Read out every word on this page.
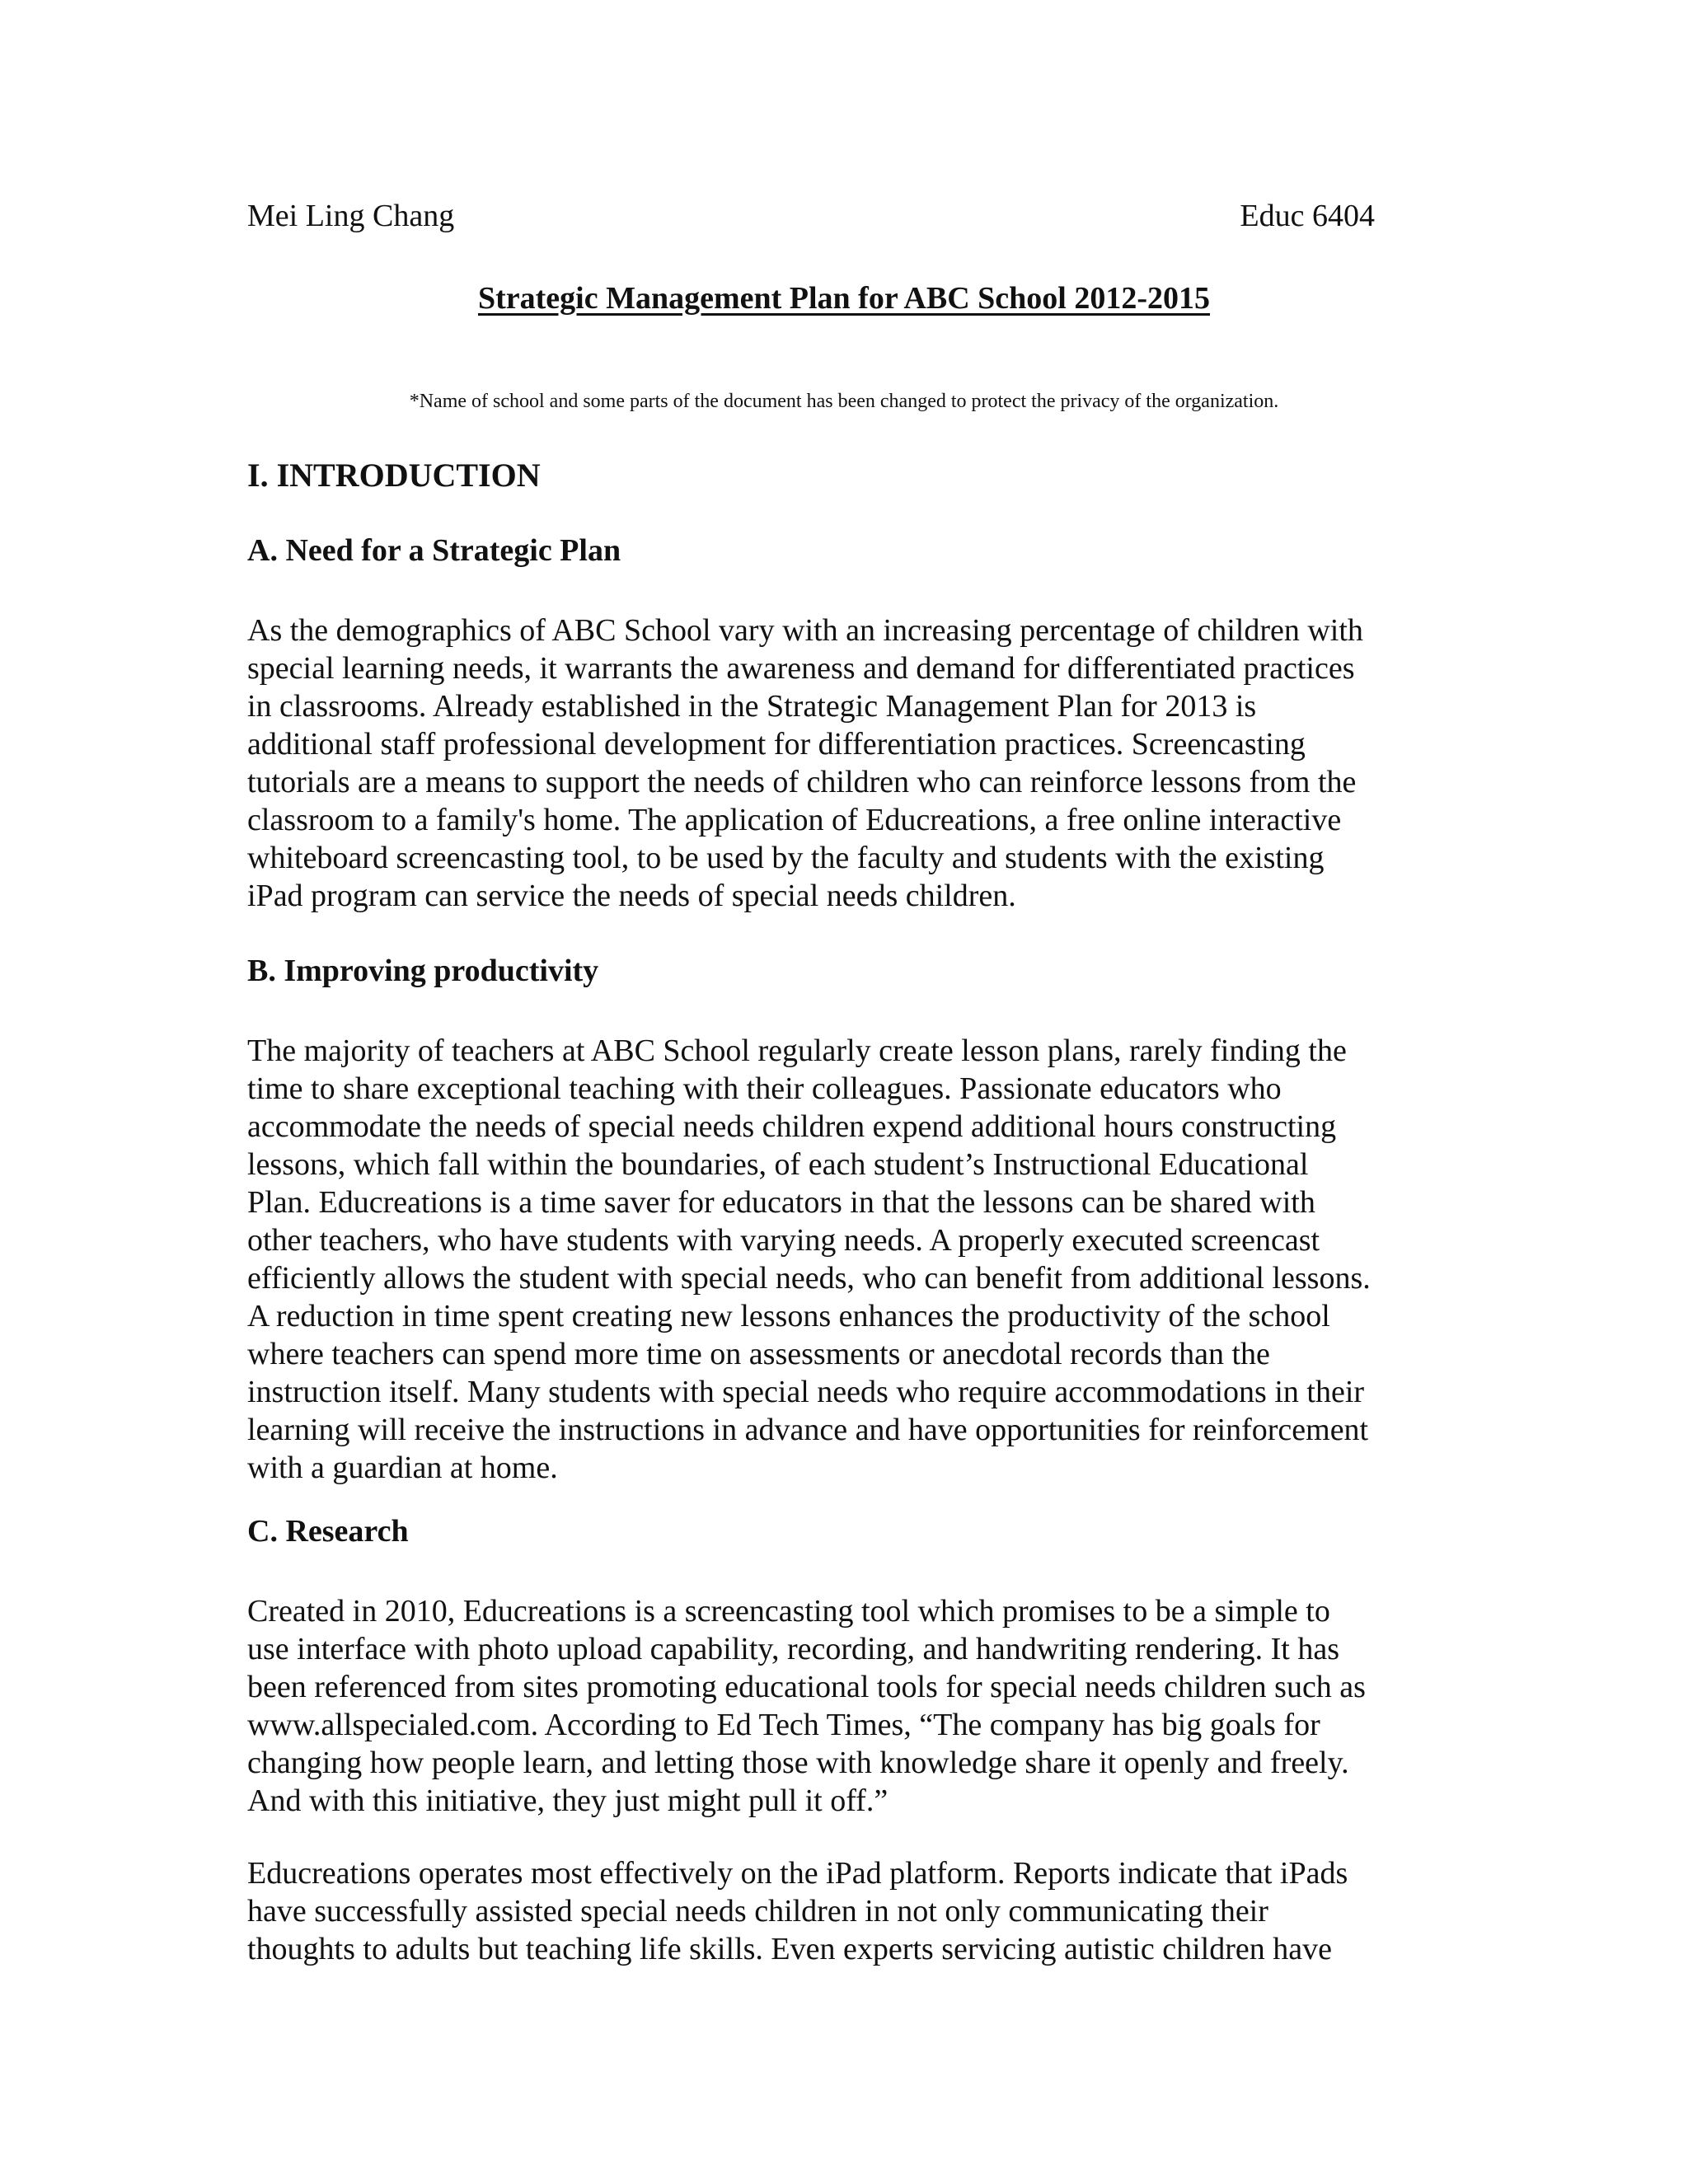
Mei Ling Chang	Educ 6404
Strategic Management Plan for ABC School 2012-2015
*Name of school and some parts of the document has been changed to protect the privacy of the organization.
I. INTRODUCTION
A. Need for a Strategic Plan
As the demographics of ABC School vary with an increasing percentage of children with
special learning needs, it warrants the awareness and demand for differentiated practices
in classrooms. Already established in the Strategic Management Plan for 2013 is
additional staff professional development for differentiation practices. Screencasting
tutorials are a means to support the needs of children who can reinforce lessons from the
classroom to a family's home. The application of Educreations, a free online interactive
whiteboard screencasting tool, to be used by the faculty and students with the existing
iPad program can service the needs of special needs children.
B. Improving productivity
The majority of teachers at ABC School regularly create lesson plans, rarely finding the
time to share exceptional teaching with their colleagues. Passionate educators who
accommodate the needs of special needs children expend additional hours constructing
lessons, which fall within the boundaries, of each student’s Instructional Educational
Plan. Educreations is a time saver for educators in that the lessons can be shared with
other teachers, who have students with varying needs. A properly executed screencast
efficiently allows the student with special needs, who can benefit from additional lessons.
A reduction in time spent creating new lessons enhances the productivity of the school
where teachers can spend more time on assessments or anecdotal records than the
instruction itself. Many students with special needs who require accommodations in their
learning will receive the instructions in advance and have opportunities for reinforcement
with a guardian at home.
C. Research
Created in 2010, Educreations is a screencasting tool which promises to be a simple to
use interface with photo upload capability, recording, and handwriting rendering. It has
been referenced from sites promoting educational tools for special needs children such as
www.allspecialed.com. According to Ed Tech Times, “The company has big goals for
changing how people learn, and letting those with knowledge share it openly and freely.
And with this initiative, they just might pull it off.”
Educreations operates most effectively on the iPad platform. Reports indicate that iPads
have successfully assisted special needs children in not only communicating their
thoughts to adults but teaching life skills. Even experts servicing autistic children have
